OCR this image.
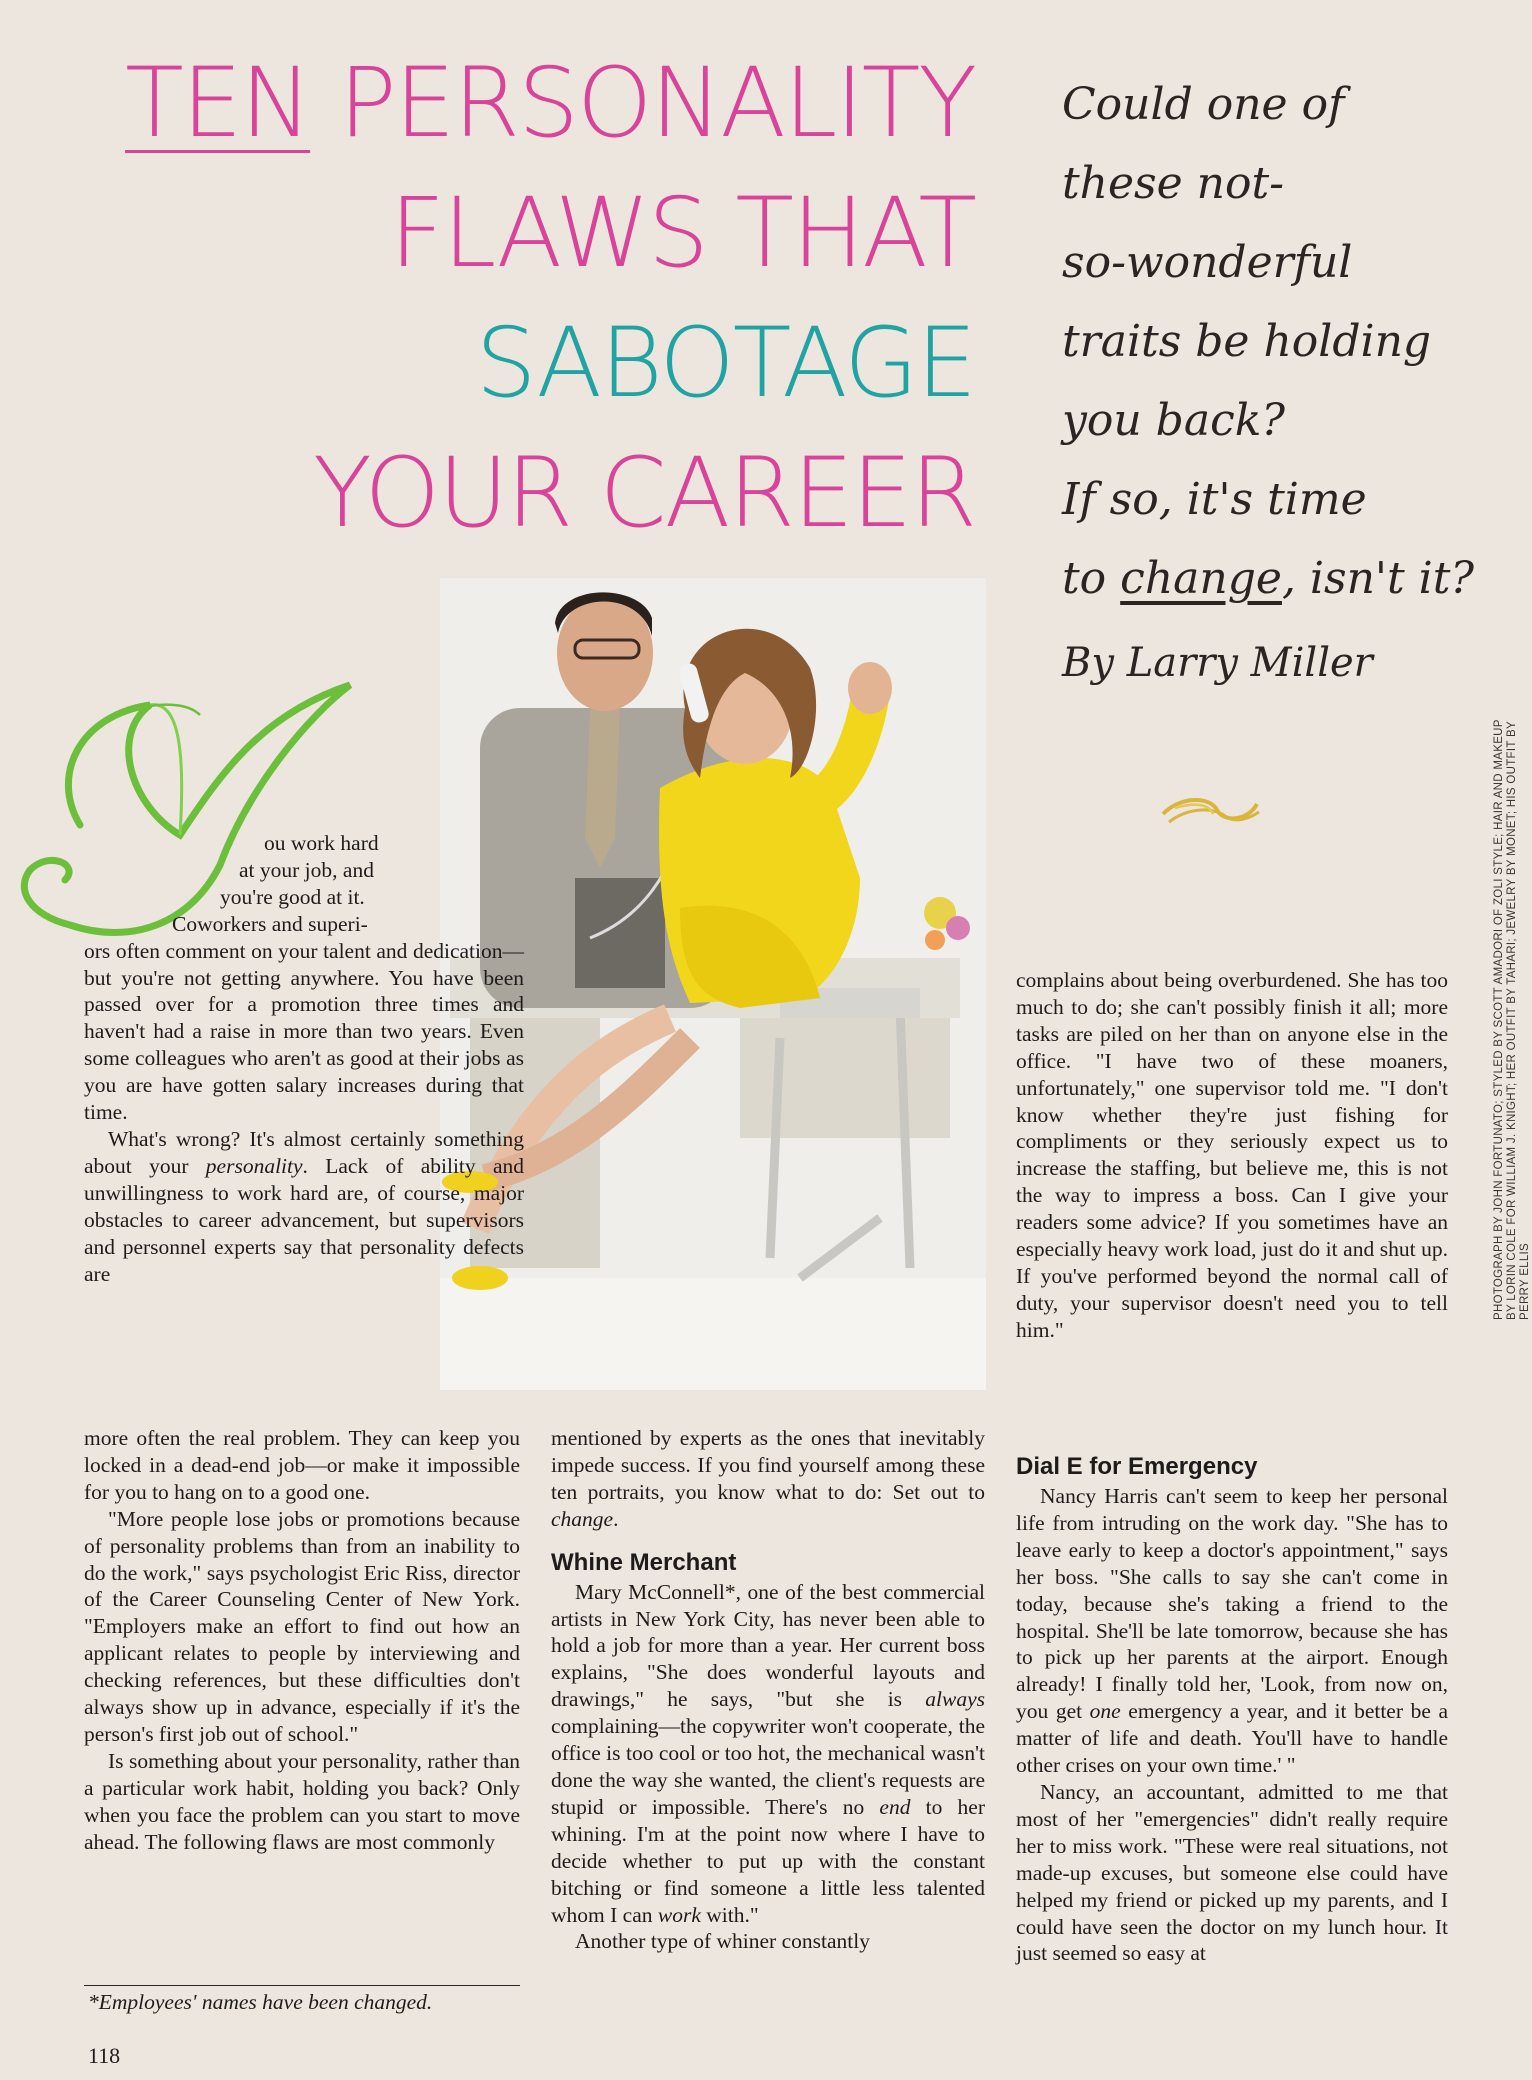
TEN PERSONALITY
FLAWS THAT
SABOTAGE
YOUR CAREER
Could one of
these not-
so-wonderful
traits be holding
you back?
If so, it's time
to change, isn't it?
By Larry Miller
ou work hard
at your job, and
you're good at it.
Coworkers and superi-

ors often comment on your talent and dedication—but you're not getting anywhere. You have been passed over for a promotion three times and haven't had a raise in more than two years. Even some colleagues who aren't as good at their jobs as you are have gotten salary increases during that time.

What's wrong? It's almost certainly something about your personality. Lack of ability and unwillingness to work hard are, of course, major obstacles to career advancement, but supervisors and personnel experts say that personality defects are

more often the real problem. They can keep you locked in a dead-end job—or make it impossible for you to hang on to a good one.

"More people lose jobs or promotions because of personality problems than from an inability to do the work," says psychologist Eric Riss, director of the Career Counseling Center of New York. "Employers make an effort to find out how an applicant relates to people by interviewing and checking references, but these difficulties don't always show up in advance, especially if it's the person's first job out of school."

Is something about your personality, rather than a particular work habit, holding you back? Only when you face the problem can you start to move ahead. The following flaws are most commonly

mentioned by experts as the ones that inevitably impede success. If you find yourself among these ten portraits, you know what to do: Set out to change.

Whine Merchant

Mary McConnell*, one of the best commercial artists in New York City, has never been able to hold a job for more than a year. Her current boss explains, "She does wonderful layouts and drawings," he says, "but she is always complaining—the copywriter won't cooperate, the office is too cool or too hot, the mechanical wasn't done the way she wanted, the client's requests are stupid or impossible. There's no end to her whining. I'm at the point now where I have to decide whether to put up with the constant bitching or find someone a little less talented whom I can work with."

Another type of whiner constantly

complains about being overburdened. She has too much to do; she can't possibly finish it all; more tasks are piled on her than on anyone else in the office. "I have two of these moaners, unfortunately," one supervisor told me. "I don't know whether they're just fishing for compliments or they seriously expect us to increase the staffing, but believe me, this is not the way to impress a boss. Can I give your readers some advice? If you sometimes have an especially heavy work load, just do it and shut up. If you've performed beyond the normal call of duty, your supervisor doesn't need you to tell him."

Dial E for Emergency

Nancy Harris can't seem to keep her personal life from intruding on the work day. "She has to leave early to keep a doctor's appointment," says her boss. "She calls to say she can't come in today, because she's taking a friend to the hospital. She'll be late tomorrow, because she has to pick up her parents at the airport. Enough already! I finally told her, 'Look, from now on, you get one emergency a year, and it better be a matter of life and death. You'll have to handle other crises on your own time.' "

Nancy, an accountant, admitted to me that most of her "emergencies" didn't really require her to miss work. "These were real situations, not made-up excuses, but someone else could have helped my friend or picked up my parents, and I could have seen the doctor on my lunch hour. It just seemed so easy at

*Employees' names have been changed.
118
PHOTOGRAPH BY JOHN FORTUNATO; STYLED BY SCOTT AMADORI OF ZOLI STYLE; HAIR AND MAKEUP BY LORIN COLE FOR WILLIAM J. KNIGHT; HER OUTFIT BY TAHARI; JEWELRY BY MONET; HIS OUTFIT BY PERRY ELLIS
